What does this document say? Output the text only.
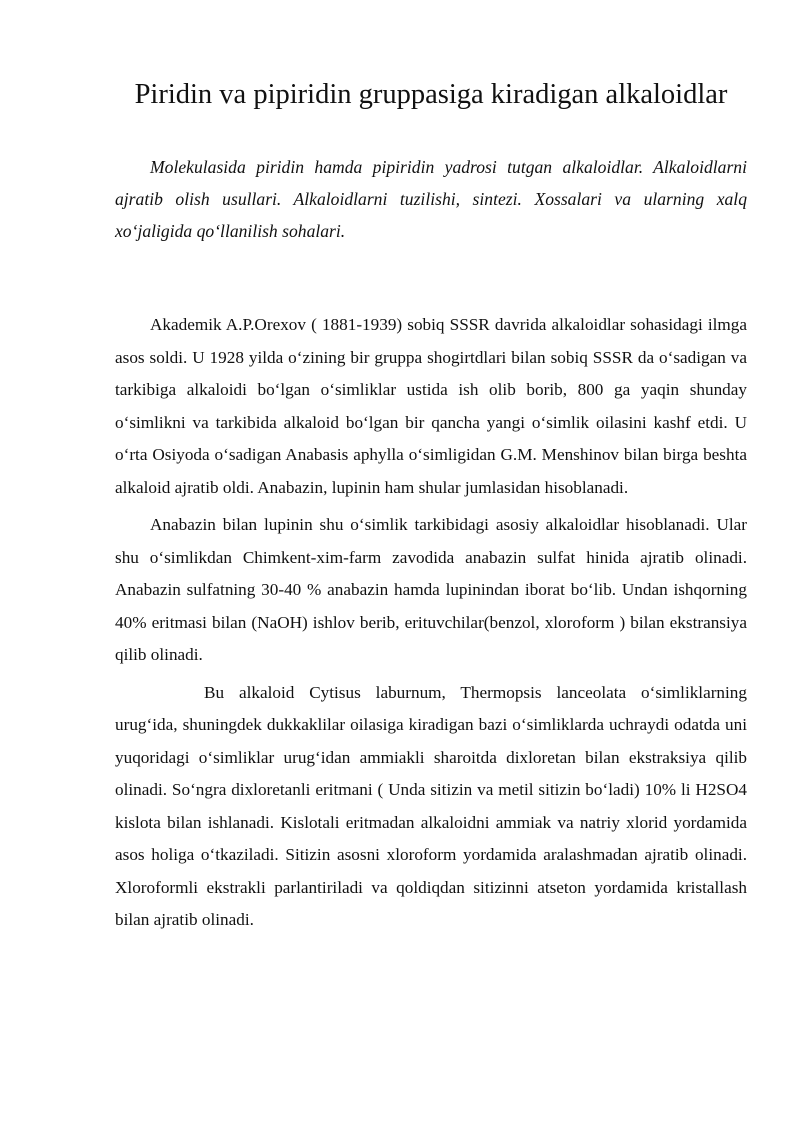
Piridin va pipiridin gruppasiga kiradigan alkaloidlar

Molekulasida piridin hamda pipiridin yadrosi tutgan alkaloidlar. Alkaloidlarni ajratib olish usullari. Alkaloidlarni tuzilishi, sintezi. Xossalari va ularning xalq xo‘jaligida qo‘llanilish sohalari.

Akademik A.P.Orexov ( 1881-1939) sobiq SSSR davrida alkaloidlar sohasidagi ilmga asos soldi. U 1928 yilda o‘zining bir gruppa shogirtdlari bilan sobiq SSSR da o‘sadigan va tarkibiga alkaloidi bo‘lgan o‘simliklar ustida ish olib borib, 800 ga yaqin shunday o‘simlikni va tarkibida alkaloid bo‘lgan bir qancha yangi o‘simlik oilasini kashf etdi. U o‘rta Osiyoda o‘sadigan Anabasis aphylla o‘simligidan G.M. Menshinov bilan birga beshta alkaloid ajratib oldi. Anabazin, lupinin ham shular jumlasidan hisoblanadi.

Anabazin bilan lupinin shu o‘simlik tarkibidagi asosiy alkaloidlar hisoblanadi. Ular shu o‘simlikdan Chimkent-xim-farm zavodida anabazin sulfat hinida ajratib olinadi. Anabazin sulfatning 30-40 % anabazin hamda lupinindan iborat bo‘lib. Undan ishqorning 40% eritmasi bilan (NaOH) ishlov berib, erituvchilar(benzol, xloroform ) bilan ekstransiya qilib olinadi.

Bu alkaloid Cytisus laburnum, Thermopsis lanceolata o‘simliklarning urug‘ida, shuningdek dukkaklilar oilasiga kiradigan bazi o‘simliklarda uchraydi odatda uni yuqoridagi o‘simliklar urug‘idan ammiakli sharoitda dixloretan bilan ekstraksiya qilib olinadi. So‘ngra dixloretanli eritmani ( Unda sitizin va metil sitizin bo‘ladi) 10% li H2SO4 kislota bilan ishlanadi. Kislotali eritmadan alkaloidni ammiak va natriy xlorid yordamida asos holiga o‘tkaziladi. Sitizin asosni xloroform yordamida aralashmadan ajratib olinadi. Xloroformli ekstrakli parlantiriladi va qoldiqdan sitizinni atseton yordamida kristallash bilan ajratib olinadi.
